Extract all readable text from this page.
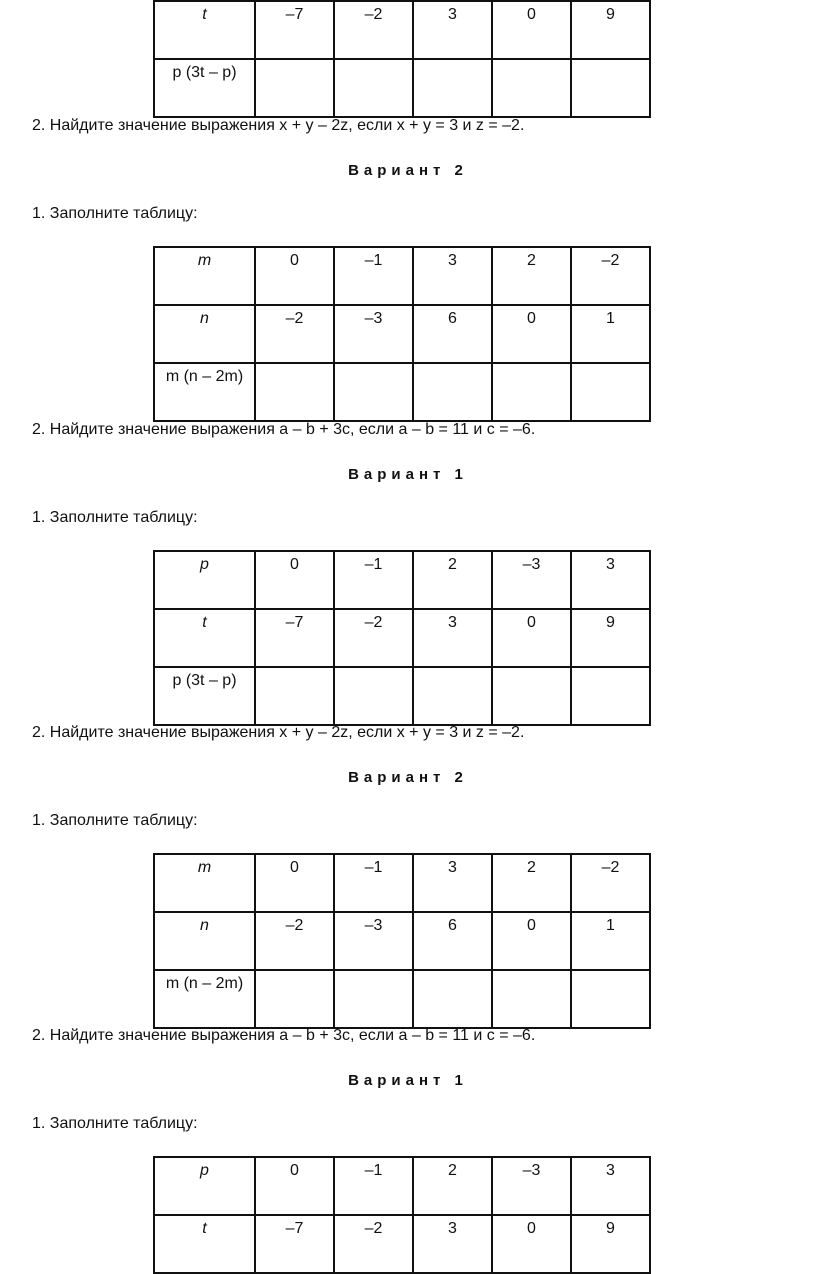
t	–7	–2	3	0	9
p (3t – p)					
2. Найдите значение выражения x + y – 2z, если x + y = 3 и z = –2.
Вариант 2
1. Заполните таблицу:
m	0	–1	3	2	–2
n	–2	–3	6	0	1
m (n – 2m)					
2. Найдите значение выражения a – b + 3c, если a – b = 11 и c = –6.
Вариант 1
1. Заполните таблицу:
p	0	–1	2	–3	3
t	–7	–2	3	0	9
p (3t – p)					
2. Найдите значение выражения x + y – 2z, если x + y = 3 и z = –2.
Вариант 2
1. Заполните таблицу:
m	0	–1	3	2	–2
n	–2	–3	6	0	1
m (n – 2m)					
2. Найдите значение выражения a – b + 3c, если a – b = 11 и c = –6.
Вариант 1
1. Заполните таблицу:
p	0	–1	2	–3	3
t	–7	–2	3	0	9
